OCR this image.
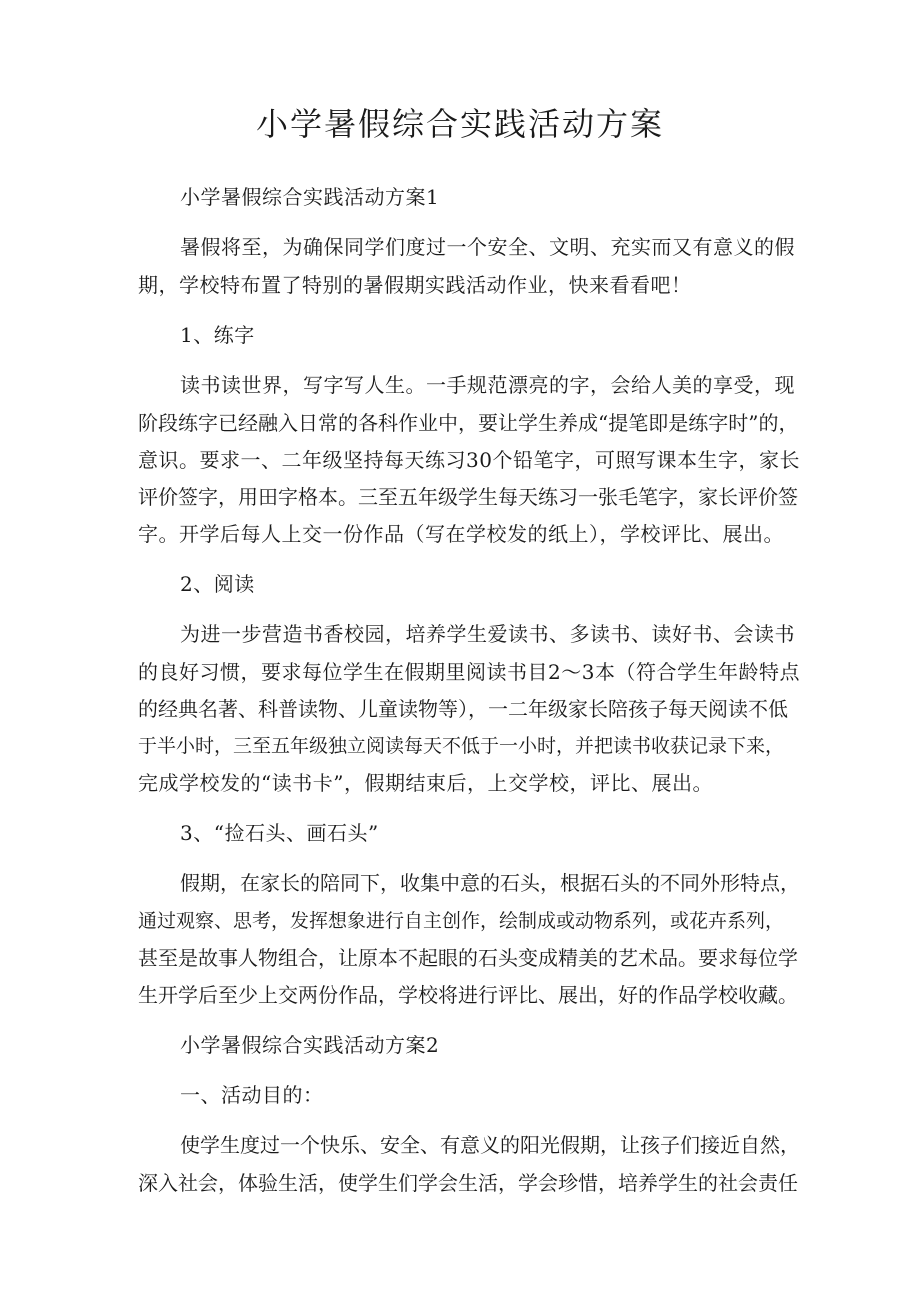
小学暑假综合实践活动方案
小学暑假综合实践活动方案1
暑假将至，为确保同学们度过一个安全、文明、充实而又有意义的假
期，学校特布置了特别的暑假期实践活动作业，快来看看吧！
1、练字
读书读世界，写字写人生。一手规范漂亮的字，会给人美的享受，现
阶段练字已经融入日常的各科作业中，要让学生养成“提笔即是练字时”的，
意识。要求一、二年级坚持每天练习30个铅笔字，可照写课本生字，家长
评价签字，用田字格本。三至五年级学生每天练习一张毛笔字，家长评价签
字。开学后每人上交一份作品（写在学校发的纸上），学校评比、展出。
2、阅读
为进一步营造书香校园，培养学生爱读书、多读书、读好书、会读书
的良好习惯，要求每位学生在假期里阅读书目2～3本（符合学生年龄特点
的经典名著、科普读物、儿童读物等），一二年级家长陪孩子每天阅读不低
于半小时，三至五年级独立阅读每天不低于一小时，并把读书收获记录下来，
完成学校发的“读书卡”，假期结束后，上交学校，评比、展出。
3、“捡石头、画石头”
假期，在家长的陪同下，收集中意的石头，根据石头的不同外形特点，
通过观察、思考，发挥想象进行自主创作，绘制成或动物系列，或花卉系列，
甚至是故事人物组合，让原本不起眼的石头变成精美的艺术品。要求每位学
生开学后至少上交两份作品，学校将进行评比、展出，好的作品学校收藏。
小学暑假综合实践活动方案2
一、活动目的：
使学生度过一个快乐、安全、有意义的阳光假期，让孩子们接近自然，
深入社会，体验生活，使学生们学会生活，学会珍惜，培养学生的社会责任
